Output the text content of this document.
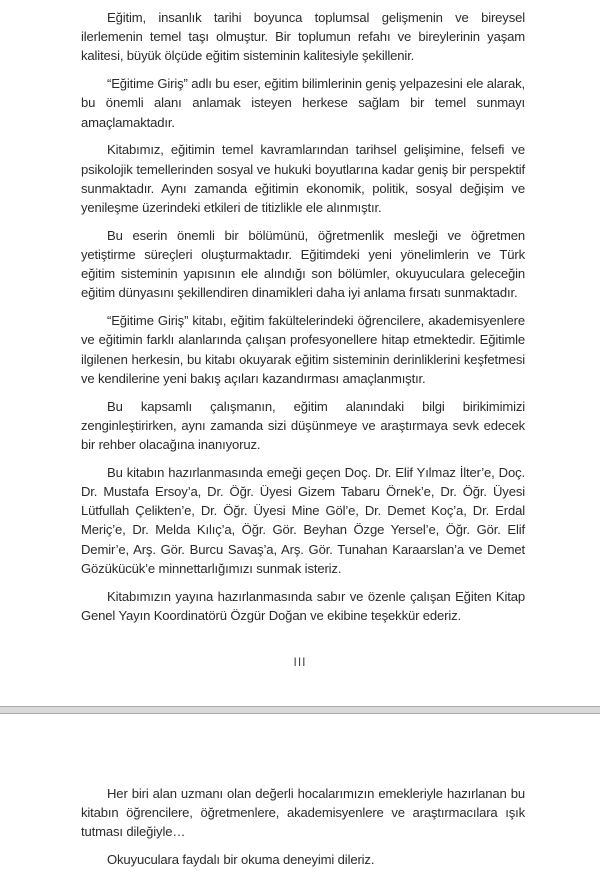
Eğitim, insanlık tarihi boyunca toplumsal gelişmenin ve bireysel ilerlemenin temel taşı olmuştur. Bir toplumun refahı ve bireylerinin yaşam kalitesi, büyük ölçüde eğitim sisteminin kalitesiyle şekillenir.

“Eğitime Giriş” adlı bu eser, eğitim bilimlerinin geniş yelpazesini ele alarak, bu önemli alanı anlamak isteyen herkese sağlam bir temel sunmayı amaçlamaktadır.

Kitabımız, eğitimin temel kavramlarından tarihsel gelişimine, felsefi ve psikolojik temellerinden sosyal ve hukuki boyutlarına kadar geniş bir perspektif sunmaktadır. Aynı zamanda eğitimin ekonomik, politik, sosyal değişim ve yenileşme üzerindeki etkileri de titizlikle ele alınmıştır.

Bu eserin önemli bir bölümünü, öğretmenlik mesleği ve öğretmen yetiştirme süreçleri oluşturmaktadır. Eğitimdeki yeni yönelimlerin ve Türk eğitim sisteminin yapısının ele alındığı son bölümler, okuyuculara geleceğin eğitim dünyasını şekillendiren dinamikleri daha iyi anlama fırsatı sunmaktadır.

“Eğitime Giriş” kitabı, eğitim fakültelerindeki öğrencilere, akademisyenlere ve eğitimin farklı alanlarında çalışan profesyonellere hitap etmektedir. Eğitimle ilgilenen herkesin, bu kitabı okuyarak eğitim sisteminin derinliklerini keşfetmesi ve kendilerine yeni bakış açıları kazandırması amaçlanmıştır.

Bu kapsamlı çalışmanın, eğitim alanındaki bilgi birikimimizi zenginleştirirken, aynı zamanda sizi düşünmeye ve araştırmaya sevk edecek bir rehber olacağına inanıyoruz.

Bu kitabın hazırlanmasında emeği geçen Doç. Dr. Elif Yılmaz İlter’e, Doç. Dr. Mustafa Ersoy’a, Dr. Öğr. Üyesi Gizem Tabaru Örnek’e, Dr. Öğr. Üyesi Lütfullah Çelikten’e, Dr. Öğr. Üyesi Mine Göl’e, Dr. Demet Koç’a, Dr. Erdal Meriç’e, Dr. Melda Kılıç’a, Öğr. Gör. Beyhan Özge Yersel’e, Öğr. Gör. Elif Demir’e, Arş. Gör. Burcu Savaş’a, Arş. Gör. Tunahan Karaarslan’a ve Demet Gözükücük’e minnettarlığımızı sunmak isteriz.

Kitabımızın yayına hazırlanmasında sabır ve özenle çalışan Eğiten Kitap Genel Yayın Koordinatörü Özgür Doğan ve ekibine teşekkür ederiz.

III

Her biri alan uzmanı olan değerli hocalarımızın emekleriyle hazırlanan bu kitabın öğrencilere, öğretmenlere, akademisyenlere ve araştırmacılara ışık tutması dileğiyle…

Okuyuculara faydalı bir okuma deneyimi dileriz.
